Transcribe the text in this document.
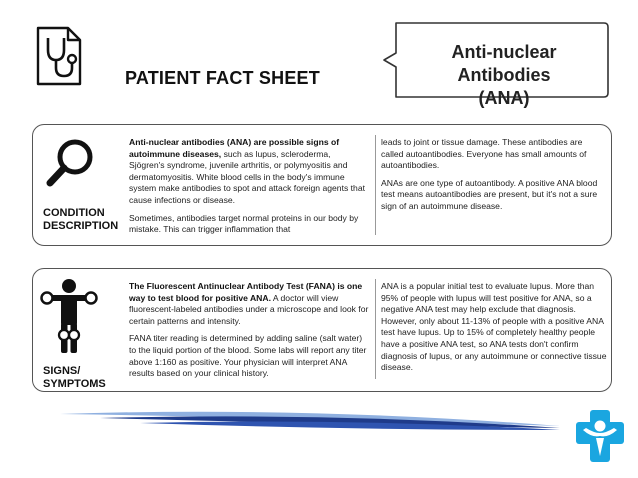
PATIENT FACT SHEET
Anti-nuclear Antibodies
(ANA)
CONDITION
DESCRIPTION

Anti-nuclear antibodies (ANA) are possible signs of autoimmune diseases, such as lupus, scleroderma, Sjögren's syndrome, juvenile arthritis, or polymyositis and dermatomyositis. White blood cells in the body's immune system make antibodies to spot and attack foreign agents that cause infections or disease.

Sometimes, antibodies target normal proteins in our body by mistake. This can trigger inflammation that

leads to joint or tissue damage. These antibodies are called autoantibodies. Everyone has small amounts of autoantibodies.

ANAs are one type of autoantibody. A positive ANA blood test means autoantibodies are present, but it's not a sure sign of an autoimmune disease.

SIGNS/
SYMPTOMS

The Fluorescent Antinuclear Antibody Test (FANA) is one way to test blood for positive ANA. A doctor will view fluorescent-labeled antibodies under a microscope and look for certain patterns and intensity.

FANA titer reading is determined by adding saline (salt water) to the liquid portion of the blood. Some labs will report any titer above 1:160 as positive. Your physician will interpret ANA results based on your clinical history.

ANA is a popular initial test to evaluate lupus. More than 95% of people with lupus will test positive for ANA, so a negative ANA test may help exclude that diagnosis. However, only about 11-13% of people with a positive ANA test have lupus. Up to 15% of completely healthy people have a positive ANA test, so ANA tests don't confirm diagnosis of lupus, or any autoimmune or connective tissue disease.
